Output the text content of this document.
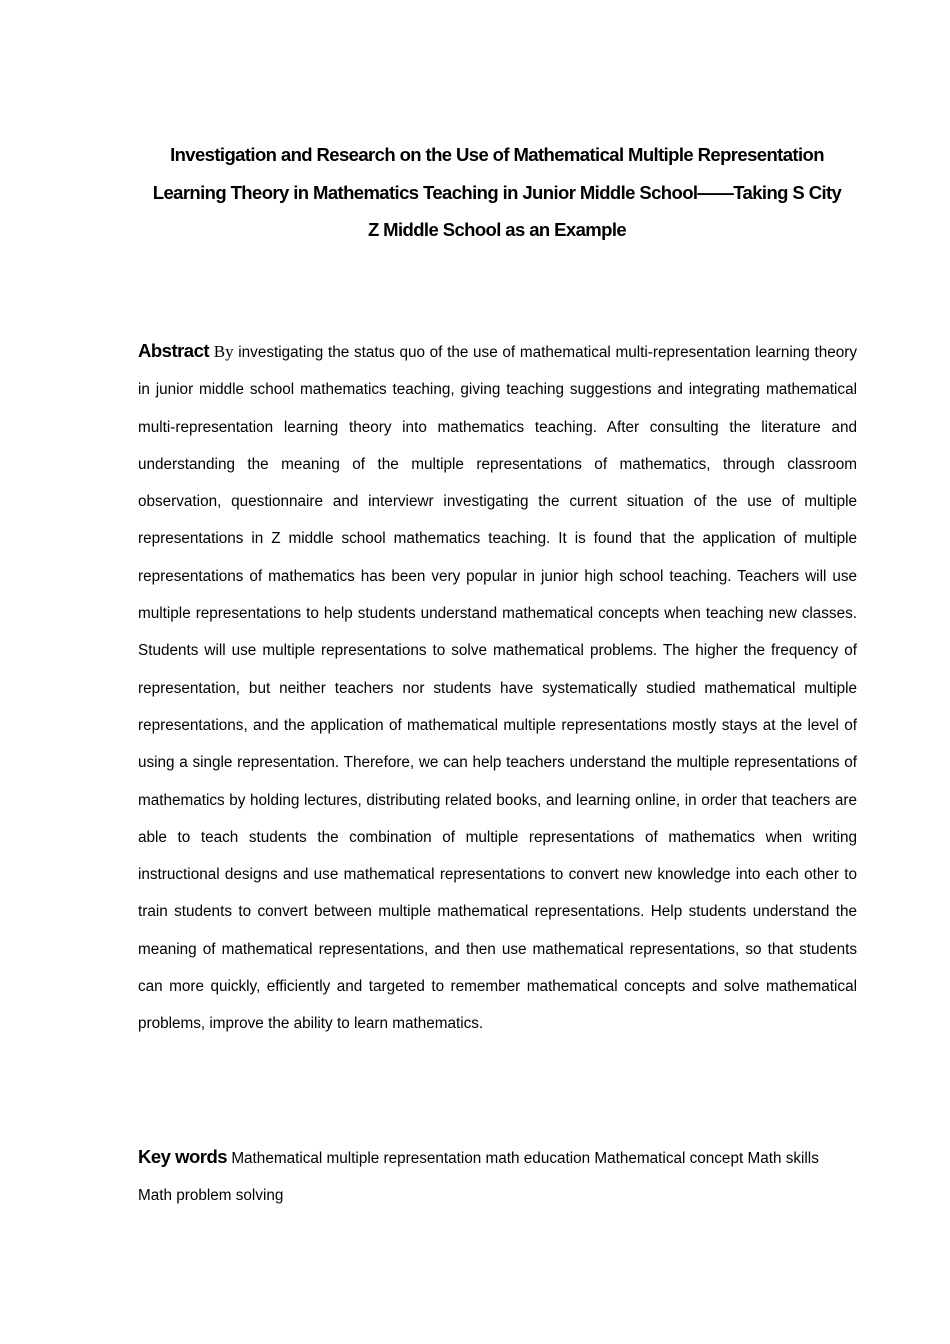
Investigation and Research on the Use of Mathematical Multiple Representation
Learning Theory in Mathematics Teaching in Junior Middle School——Taking S City
Z Middle School as an Example
Abstract By investigating the status quo of the use of mathematical multi-representation learning theory in junior middle school mathematics teaching, giving teaching suggestions and integrating mathematical multi-representation learning theory into mathematics teaching. After consulting the literature and understanding the meaning of the multiple representations of mathematics, through classroom observation, questionnaire and interviewr investigating the current situation of the use of multiple representations in Z middle school mathematics teaching. It is found that the application of multiple representations of mathematics has been very popular in junior high school teaching. Teachers will use multiple representations to help students understand mathematical concepts when teaching new classes. Students will use multiple representations to solve mathematical problems. The higher the frequency of representation, but neither teachers nor students have systematically studied mathematical multiple representations, and the application of mathematical multiple representations mostly stays at the level of using a single representation. Therefore, we can help teachers understand the multiple representations of mathematics by holding lectures, distributing related books, and learning online, in order that teachers are able to teach students the combination of multiple representations of mathematics when writing instructional designs and use mathematical representations to convert new knowledge into each other to train students to convert between multiple mathematical representations. Help students understand the meaning of mathematical representations, and then use mathematical representations, so that students can more quickly, efficiently and targeted to remember mathematical concepts and solve mathematical problems, improve the ability to learn mathematics.
Key words Mathematical multiple representation math education Mathematical concept Math skills Math problem solving
